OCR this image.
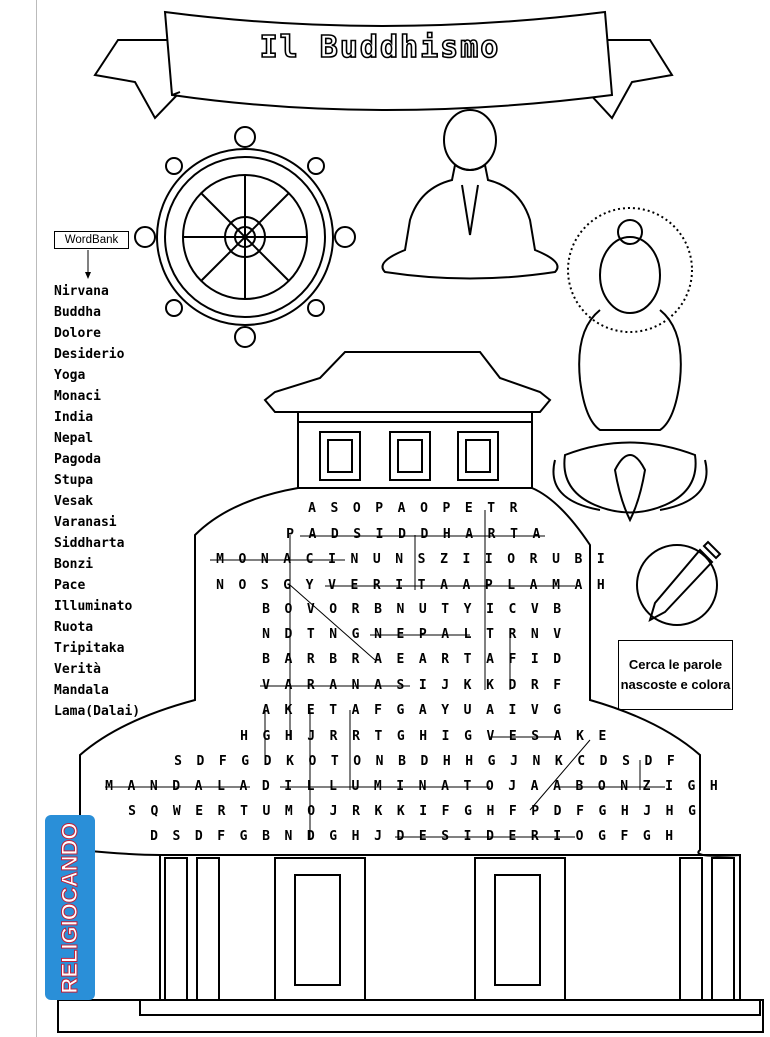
Il Buddhismo
WordBank
Nirvana
Buddha
Dolore
Desiderio
Yoga
Monaci
India
Nepal
Pagoda
Stupa
Vesak
Varanasi
Siddharta
Bonzi
Pace
Illuminato
Ruota
Tripitaka
Verità
Mandala
Lama(Dalai)
A	S	O	P	A	O	P	E	T	R
P	A	D	S	I	D	D	H	A	R	T	A
M	O	N	A	C	I	N	U	N	S	Z	I	I	O	R	U	B	I
N	O	S	G	Y	V	E	R	I	T	A	A	P	L	A	M	A	H
B	O	V	O	R	B	N	U	T	Y	I	C	V	B
N	D	T	N	G	N	E	P	A	L	T	R	N	V
B	A	R	B	R	A	E	A	R	T	A	F	I	D
V	A	R	A	N	A	S	I	J	K	K	D	R	F
A	K	E	T	A	F	G	A	Y	U	A	I	V	G
H	G	H	J	R	R	T	G	H	I	G	V	E	S	A	K	E
S	D	F	G	D	K	O	T	O	N	B	D	H	H	G	J	N	K	C	D	S	D	F
M	A	N	D	A	L	A	D	I	L	L	U	M	I	N	A	T	O	J	A	A	B	O	N	Z	I	G	H
S	Q	W	E	R	T	U	M	O	J	R	K	K	I	F	G	H	F	P	D	F	G	H	J	H	G
D	S	D	F	G	B	N	D	G	H	J	D	E	S	I	D	E	R	I	O	G	F	G	H
Cerca le parole nascoste e colora
RELIGIOCANDO
